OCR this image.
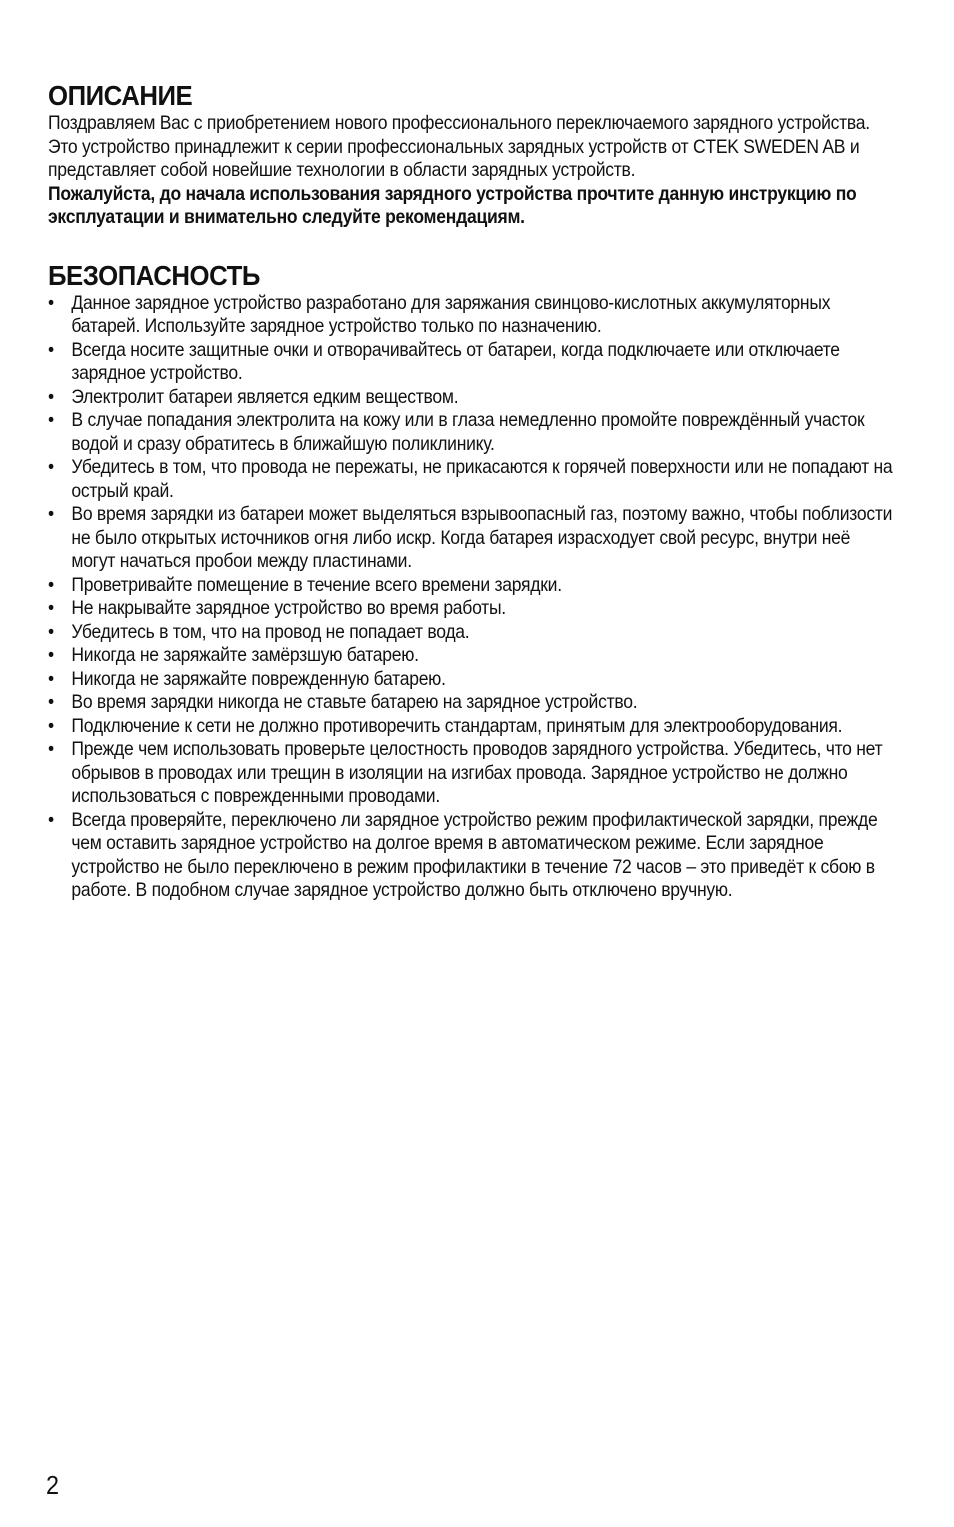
ОПИСАНИЕ

Поздравляем Вас с приобретением нового профессионального переключаемого зарядного устройства. Это устройство принадлежит к серии профессиональных зарядных устройств от CTEK SWEDEN AB и представляет собой новейшие технологии в области зарядных устройств.

Пожалуйста, до начала использования зарядного устройства прочтите данную инструкцию по эксплуатации и внимательно следуйте рекомендациям.

БЕЗОПАСНОСТЬ
• Данное зарядное устройство разработано для заряжания свинцово-кислотных аккумуляторных батарей. Используйте зарядное устройство только по назначению.
• Всегда носите защитные очки и отворачивайтесь от батареи, когда подключаете или отключаете зарядное устройство.
• Электролит батареи является едким веществом.
• В случае попадания электролита на кожу или в глаза немедленно промойте повреждённый участок водой и сразу обратитесь в ближайшую поликлинику.
• Убедитесь в том, что провода не пережаты, не прикасаются к горячей поверхности или не попадают на острый край.
• Во время зарядки из батареи может выделяться взрывоопасный газ, поэтому важно, чтобы поблизости не было открытых источников огня либо искр. Когда батарея израсходует свой ресурс, внутри неё могут начаться пробои между пластинами.
• Проветривайте помещение в течение всего времени зарядки.
• Не накрывайте зарядное устройство во время работы.
• Убедитесь в том, что на провод не попадает вода.
• Никогда не заряжайте замёрзшую батарею.
• Никогда не заряжайте поврежденную батарею.
• Во время зарядки никогда не ставьте батарею на зарядное устройство.
• Подключение к сети не должно противоречить стандартам, принятым для электрооборудования.
• Прежде чем использовать проверьте целостность проводов зарядного устройства. Убедитесь, что нет обрывов в проводах или трещин в изоляции на изгибах провода. Зарядное устройство не должно использоваться с поврежденными проводами.
• Всегда проверяйте, переключено ли зарядное устройство режим профилактической зарядки, прежде чем оставить зарядное устройство на долгое время в автоматическом режиме. Если зарядное устройство не было переключено в режим профилактики в течение 72 часов – это приведёт к сбою в работе. В подобном случае зарядное устройство должно быть отключено вручную.
2
